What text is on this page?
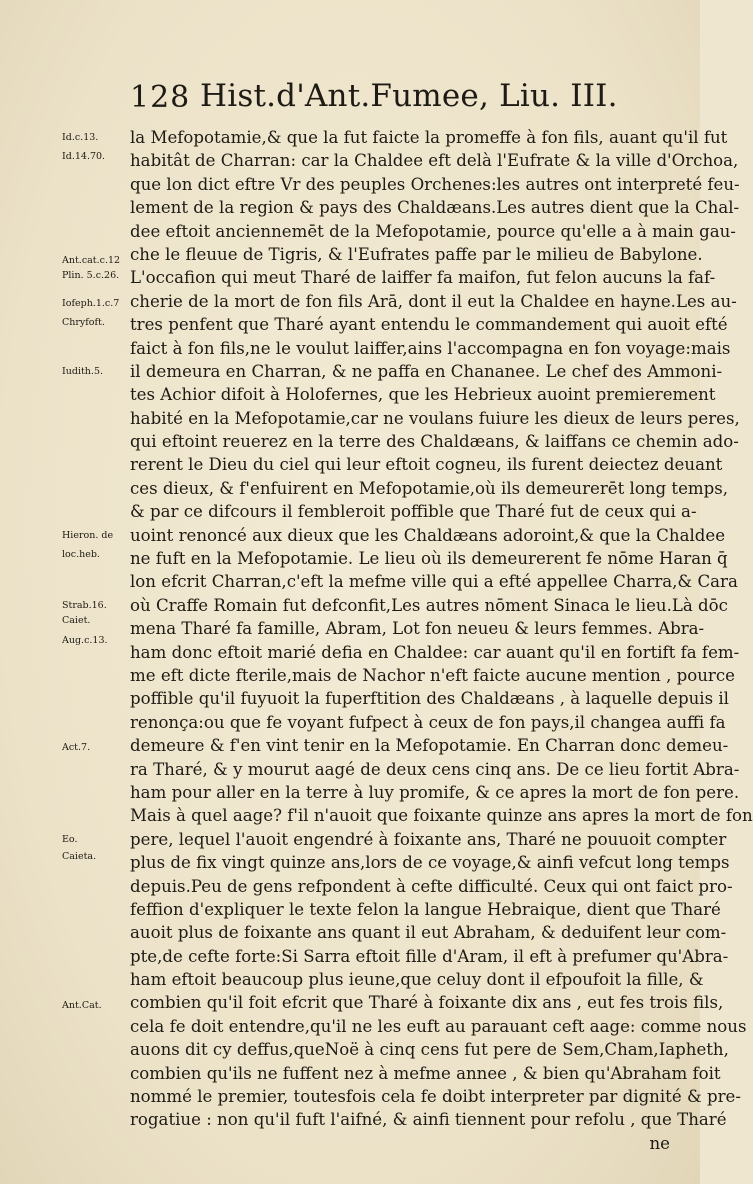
128 Hist.d'Ant.Fumee, Liu. III.
Id.c.13.
Id.14.70.
Ant.cat.c.12
Plin. 5.c.26.
Iofeph.1.c.7
Chryfoft.
Iudith.5.
Hieron. de
loc.heb.
Strab.16.
Caiet.
Aug.c.13.
Act.7.
Eo.
Caieta.
Ant.Cat.
la Mefopotamie,& que la fut faicte la promeffe à fon fils, auant qu'il fut
habitât de Charran: car la Chaldee eft delà l'Eufrate & la ville d'Orchoa,
que lon dict eftre Vr des peuples Orchenes:les autres ont interpreté feu-
lement de la region & pays des Chaldæans.Les autres dient que la Chal-
dee eftoit anciennemēt de la Mefopotamie, pource qu'elle a à main gau-
che le fleuue de Tigris, & l'Eufrates paffe par le milieu de Babylone.
L'occafion qui meut Tharé de laiffer fa maifon, fut felon aucuns la faf-
cherie de la mort de fon fils Arā, dont il eut la Chaldee en hayne.Les au-
tres penfent que Tharé ayant entendu le commandement qui auoit efté
faict à fon fils,ne le voulut laiffer,ains l'accompagna en fon voyage:mais
il demeura en Charran, & ne paffa en Chananee. Le chef des Ammoni-
tes Achior difoit à Holofernes, que les Hebrieux auoint premierement
habité en la Mefopotamie,car ne voulans fuiure les dieux de leurs peres,
qui eftoint reuerez en la terre des Chaldæans, & laiffans ce chemin ado-
rerent le Dieu du ciel qui leur eftoit cogneu, ils furent deiectez deuant
ces dieux, & f'enfuirent en Mefopotamie,où ils demeurerēt long temps,
& par ce difcours il fembleroit poffible que Tharé fut de ceux qui a-
uoint renoncé aux dieux que les Chaldæans adoroint,& que la Chaldee
ne fuft en la Mefopotamie. Le lieu où ils demeurerent fe nōme Haran q̄
lon efcrit Charran,c'eft la mefme ville qui a efté appellee Charra,& Cara
où Craffe Romain fut defconfit,Les autres nōment Sinaca le lieu.Là dōc
mena Tharé fa famille, Abram, Lot fon neueu & leurs femmes. Abra-
ham donc eftoit marié defia en Chaldee: car auant qu'il en fortift fa fem-
me eft dicte fterile,mais de Nachor n'eft faicte aucune mention , pource
poffible qu'il fuyuoit la fuperftition des Chaldæans , à laquelle depuis il
renonça:ou que fe voyant fufpect à ceux de fon pays,il changea auffi fa
demeure & f'en vint tenir en la Mefopotamie. En Charran donc demeu-
ra Tharé, & y mourut aagé de deux cens cinq ans. De ce lieu fortit Abra-
ham pour aller en la terre à luy promife, & ce apres la mort de fon pere.
Mais à quel aage? f'il n'auoit que foixante quinze ans apres la mort de fon
pere, lequel l'auoit engendré à foixante ans, Tharé ne pouuoit compter
plus de fix vingt quinze ans,lors de ce voyage,& ainfi vefcut long temps
depuis.Peu de gens refpondent à cefte difficulté. Ceux qui ont faict pro-
feffion d'expliquer le texte felon la langue Hebraique, dient que Tharé
auoit plus de foixante ans quant il eut Abraham, & deduifent leur com-
pte,de cefte forte:Si Sarra eftoit fille d'Aram, il eft à prefumer qu'Abra-
ham eftoit beaucoup plus ieune,que celuy dont il efpoufoit la fille, &
combien qu'il foit efcrit que Tharé à foixante dix ans , eut fes trois fils,
cela fe doit entendre,qu'il ne les euft au parauant ceft aage: comme nous
auons dit cy deffus,queNoë à cinq cens fut pere de Sem,Cham,Iapheth,
combien qu'ils ne fuffent nez à mefme annee , & bien qu'Abraham foit
nommé le premier, toutesfois cela fe doibt interpreter par dignité & pre-
rogatiue : non qu'il fuft l'aifné, & ainfi tiennent pour refolu , que Tharé
ne
